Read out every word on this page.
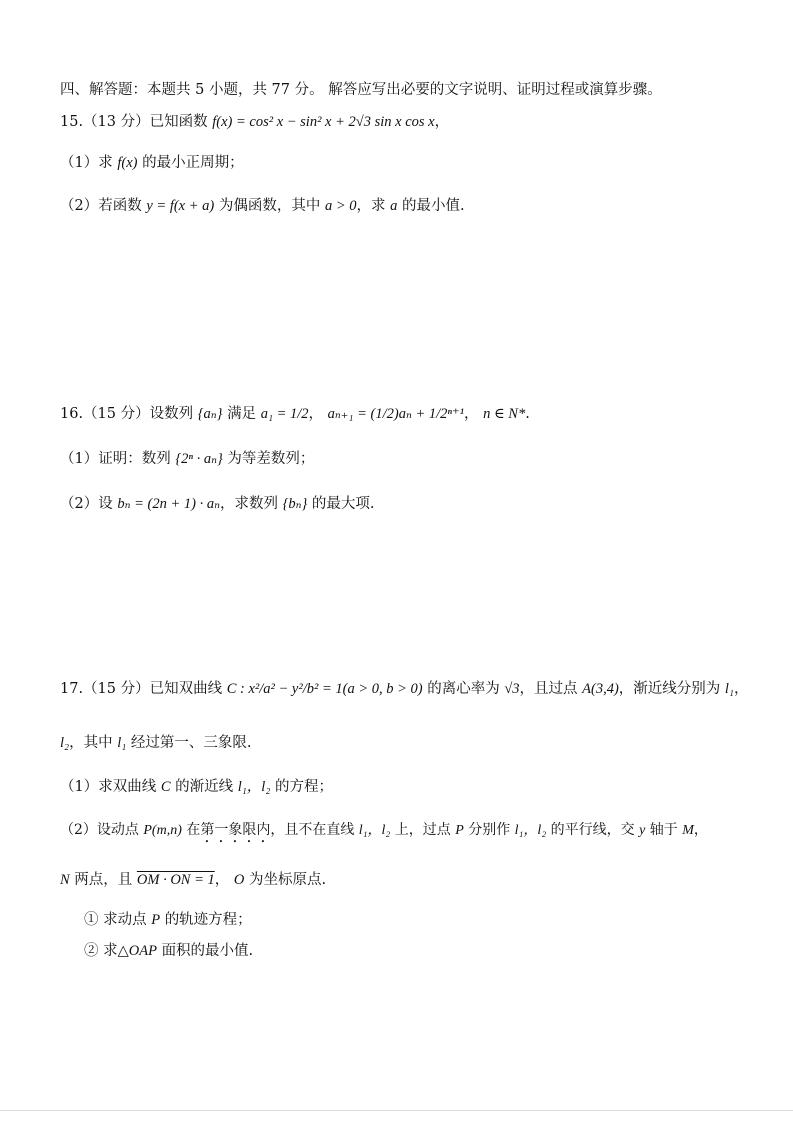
四、解答题：本题共 5 小题，共 77 分。 解答应写出必要的文字说明、证明过程或演算步骤。
15.（13 分）已知函数 f(x) = cos² x − sin² x + 2√3 sin x cos x，
（1）求 f(x) 的最小正周期；
（2）若函数 y = f(x + a) 为偶函数，其中 a > 0，求 a 的最小值.
16.（15 分）设数列 {aₙ} 满足 a₁ = 1/2， aₙ₊₁ = (1/2)aₙ + 1/2ⁿ⁺¹， n ∈ N*.
（1）证明：数列 {2ⁿ · aₙ} 为等差数列；
（2）设 bₙ = (2n + 1) · aₙ，求数列 {bₙ} 的最大项.
17.（15 分）已知双曲线 C : x²/a² − y²/b² = 1(a > 0, b > 0) 的离心率为 √3，且过点 A(3,4)，渐近线分别为 l₁，
l₂，其中 l₁ 经过第一、三象限.
（1）求双曲线 C 的渐近线 l₁，l₂ 的方程；
（2）设动点 P(m,n) 在第一象限内，且不在直线 l₁，l₂ 上，过点 P 分别作 l₁，l₂ 的平行线，交 y 轴于 M，
N 两点，且 OM · ON = 1， O 为坐标原点.
① 求动点 P 的轨迹方程；
② 求△OAP 面积的最小值.
